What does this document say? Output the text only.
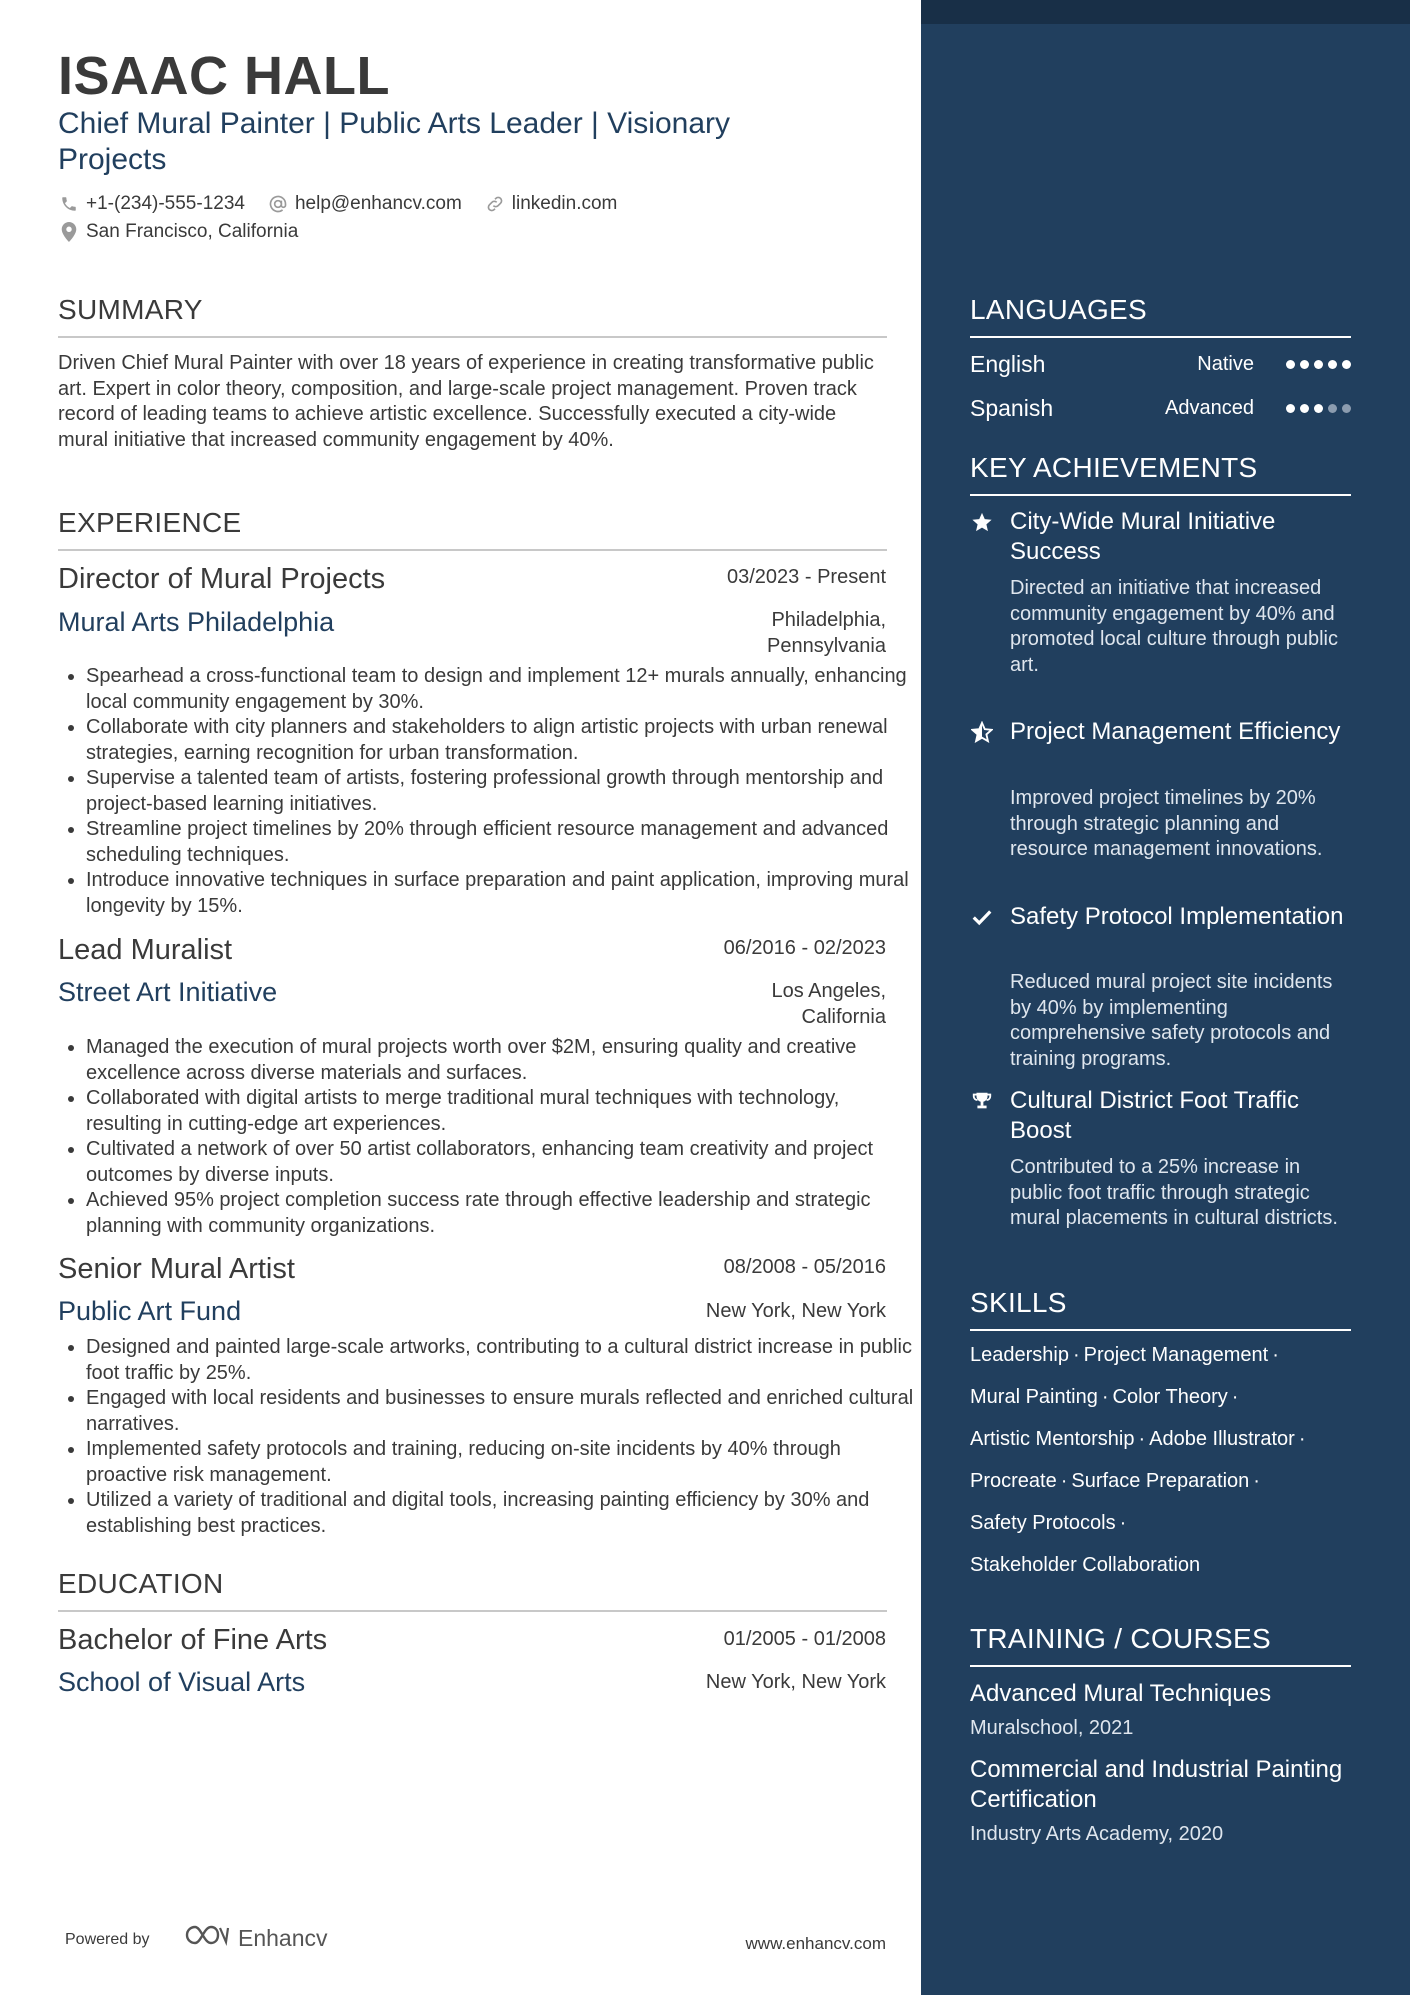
ISAAC HALL
Chief Mural Painter | Public Arts Leader | Visionary Projects
+1-(234)-555-1234	help@enhancv.com	linkedin.com
San Francisco, California
SUMMARY
Driven Chief Mural Painter with over 18 years of experience in creating transformative public art. Expert in color theory, composition, and large-scale project management. Proven track record of leading teams to achieve artistic excellence. Successfully executed a city-wide mural initiative that increased community engagement by 40%.
EXPERIENCE
Director of Mural Projects	03/2023 - Present
Mural Arts Philadelphia	Philadelphia,
Pennsylvania
• Spearhead a cross-functional team to design and implement 12+ murals annually, enhancing local community engagement by 30%.
• Collaborate with city planners and stakeholders to align artistic projects with urban renewal strategies, earning recognition for urban transformation.
• Supervise a talented team of artists, fostering professional growth through mentorship and project-based learning initiatives.
• Streamline project timelines by 20% through efficient resource management and advanced scheduling techniques.
• Introduce innovative techniques in surface preparation and paint application, improving mural longevity by 15%.
Lead Muralist	06/2016 - 02/2023
Street Art Initiative	Los Angeles,
California
• Managed the execution of mural projects worth over $2M, ensuring quality and creative excellence across diverse materials and surfaces.
• Collaborated with digital artists to merge traditional mural techniques with technology, resulting in cutting-edge art experiences.
• Cultivated a network of over 50 artist collaborators, enhancing team creativity and project outcomes by diverse inputs.
• Achieved 95% project completion success rate through effective leadership and strategic planning with community organizations.
Senior Mural Artist	08/2008 - 05/2016
Public Art Fund	New York, New York
• Designed and painted large-scale artworks, contributing to a cultural district increase in public foot traffic by 25%.
• Engaged with local residents and businesses to ensure murals reflected and enriched cultural narratives.
• Implemented safety protocols and training, reducing on-site incidents by 40% through proactive risk management.
• Utilized a variety of traditional and digital tools, increasing painting efficiency by 30% and establishing best practices.
EDUCATION
Bachelor of Fine Arts	01/2005 - 01/2008
School of Visual Arts	New York, New York
Powered by	Enhancv	www.enhancv.com
LANGUAGES
English	Native
Spanish	Advanced
KEY ACHIEVEMENTS
City-Wide Mural Initiative Success
Directed an initiative that increased community engagement by 40% and promoted local culture through public art.
Project Management Efficiency
Improved project timelines by 20% through strategic planning and resource management innovations.
Safety Protocol Implementation
Reduced mural project site incidents by 40% by implementing comprehensive safety protocols and training programs.
Cultural District Foot Traffic Boost
Contributed to a 25% increase in public foot traffic through strategic mural placements in cultural districts.
SKILLS
Leadership · Project Management ·
Mural Painting · Color Theory ·
Artistic Mentorship · Adobe Illustrator ·
Procreate · Surface Preparation ·
Safety Protocols ·
Stakeholder Collaboration
TRAINING / COURSES
Advanced Mural Techniques
Muralschool, 2021
Commercial and Industrial Painting Certification
Industry Arts Academy, 2020
